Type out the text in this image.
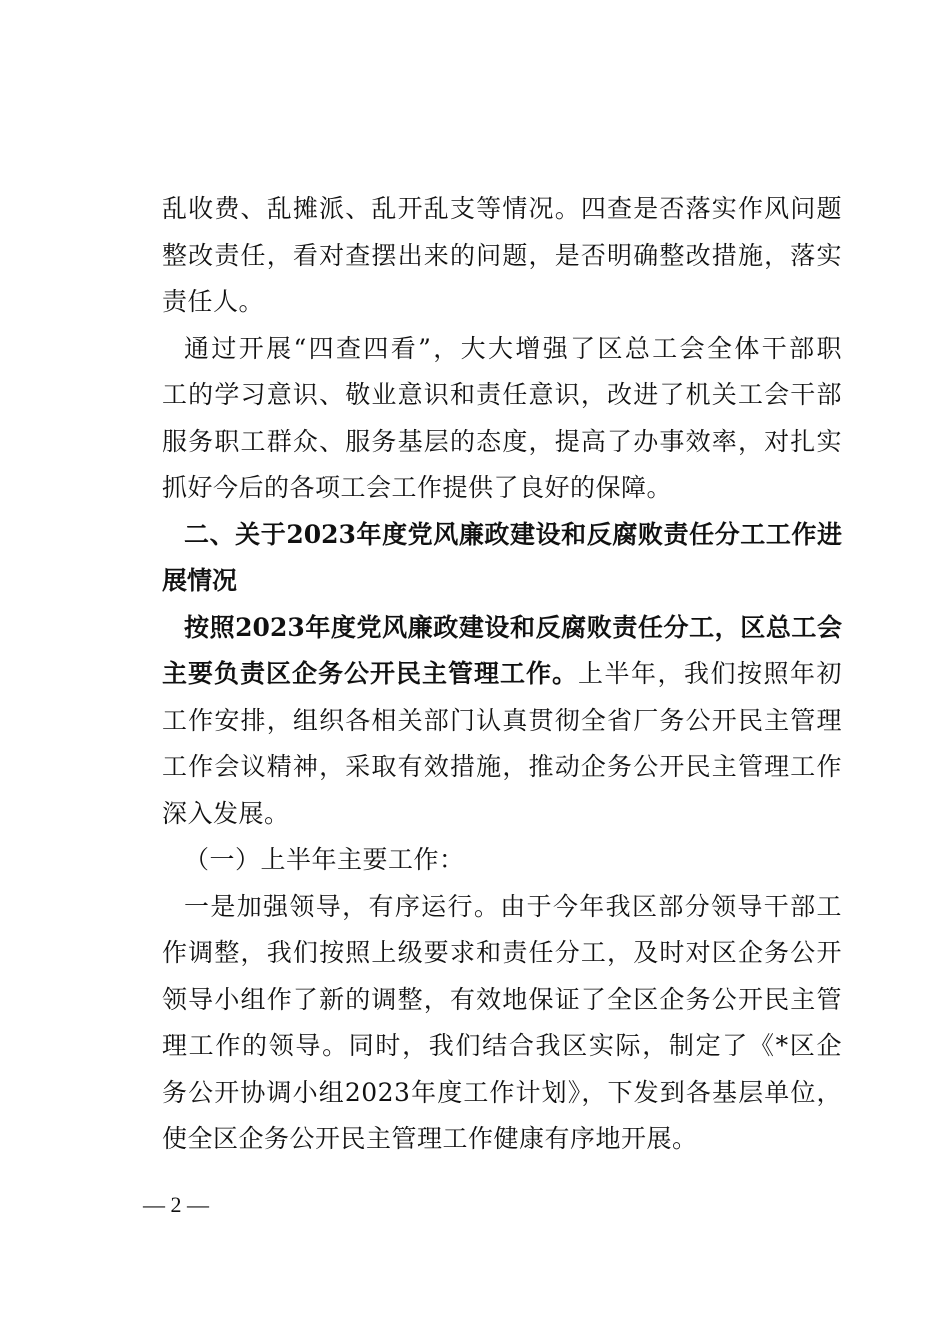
乱收费、乱摊派、乱开乱支等情况。四查是否落实作风问题
整改责任，看对查摆出来的问题，是否明确整改措施，落实
责任人。
通过开展“四查四看”，大大增强了区总工会全体干部职
工的学习意识、敬业意识和责任意识，改进了机关工会干部
服务职工群众、服务基层的态度，提高了办事效率，对扎实
抓好今后的各项工会工作提供了良好的保障。
二、关于2023年度党风廉政建设和反腐败责任分工工作进
展情况
按照2023年度党风廉政建设和反腐败责任分工，区总工会
主要负责区企务公开民主管理工作。上半年，我们按照年初
工作安排，组织各相关部门认真贯彻全省厂务公开民主管理
工作会议精神，采取有效措施，推动企务公开民主管理工作
深入发展。
（一）上半年主要工作：
一是加强领导，有序运行。由于今年我区部分领导干部工
作调整，我们按照上级要求和责任分工，及时对区企务公开
领导小组作了新的调整，有效地保证了全区企务公开民主管
理工作的领导。同时，我们结合我区实际，制定了《*区企
务公开协调小组2023年度工作计划》，下发到各基层单位，
使全区企务公开民主管理工作健康有序地开展。
— 2 —
